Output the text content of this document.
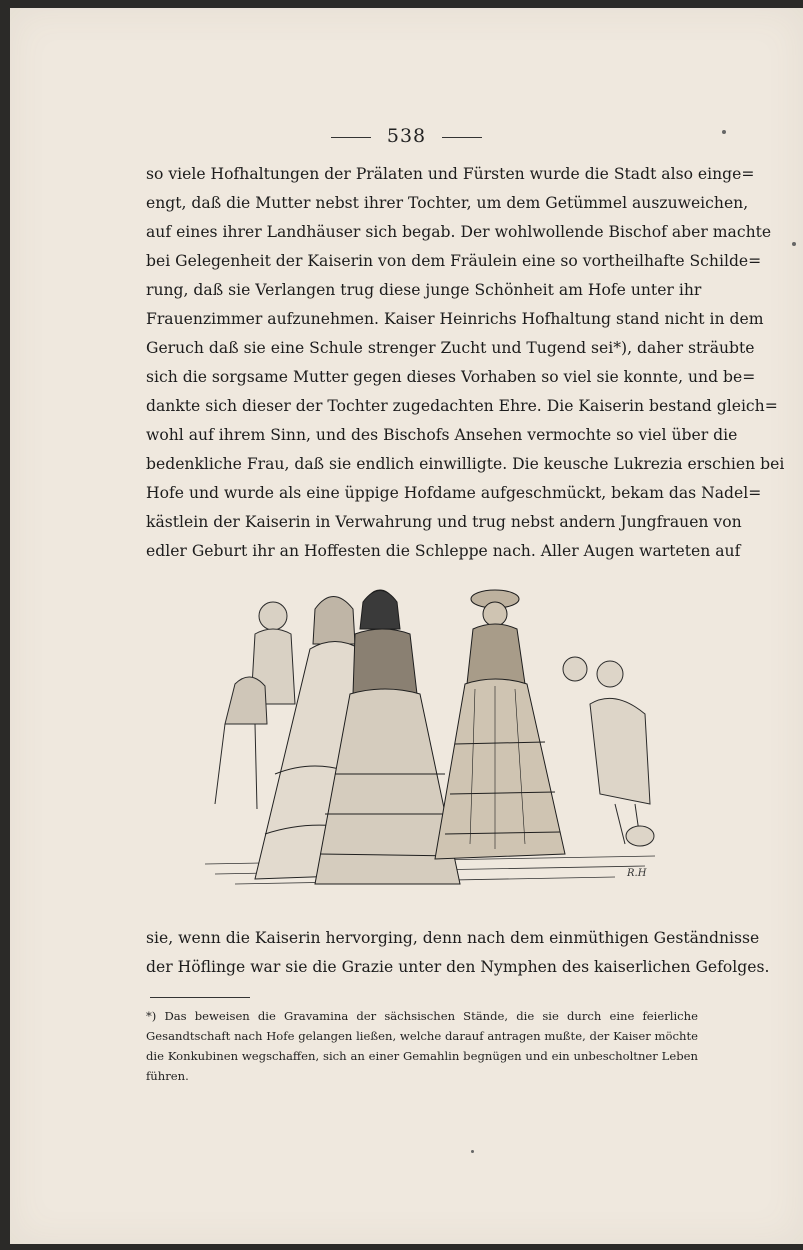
538
so viele Hofhaltungen der Prälaten und Fürsten wurde die Stadt also einge=
engt, daß die Mutter nebst ihrer Tochter, um dem Getümmel auszuweichen,
auf eines ihrer Landhäuser sich begab. Der wohlwollende Bischof aber machte
bei Gelegenheit der Kaiserin von dem Fräulein eine so vortheilhafte Schilde=
rung, daß sie Verlangen trug diese junge Schönheit am Hofe unter ihr
Frauenzimmer aufzunehmen. Kaiser Heinrichs Hofhaltung stand nicht in dem
Geruch daß sie eine Schule strenger Zucht und Tugend sei*), daher sträubte
sich die sorgsame Mutter gegen dieses Vorhaben so viel sie konnte, und be=
dankte sich dieser der Tochter zugedachten Ehre. Die Kaiserin bestand gleich=
wohl auf ihrem Sinn, und des Bischofs Ansehen vermochte so viel über die
bedenkliche Frau, daß sie endlich einwilligte. Die keusche Lukrezia erschien bei
Hofe und wurde als eine üppige Hofdame aufgeschmückt, bekam das Nadel=
kästlein der Kaiserin in Verwahrung und trug nebst andern Jungfrauen von
edler Geburt ihr an Hoffesten die Schleppe nach. Aller Augen warteten auf
R.H
sie, wenn die Kaiserin hervorging, denn nach dem einmüthigen Geständnisse
der Höflinge war sie die Grazie unter den Nymphen des kaiserlichen Gefolges.
*) Das beweisen die Gravamina der sächsischen Stände, die sie durch eine feierliche
Gesandtschaft nach Hofe gelangen ließen, welche darauf antragen mußte, der Kaiser möchte
die Konkubinen wegschaffen, sich an einer Gemahlin begnügen und ein unbescholtner Leben
führen.
